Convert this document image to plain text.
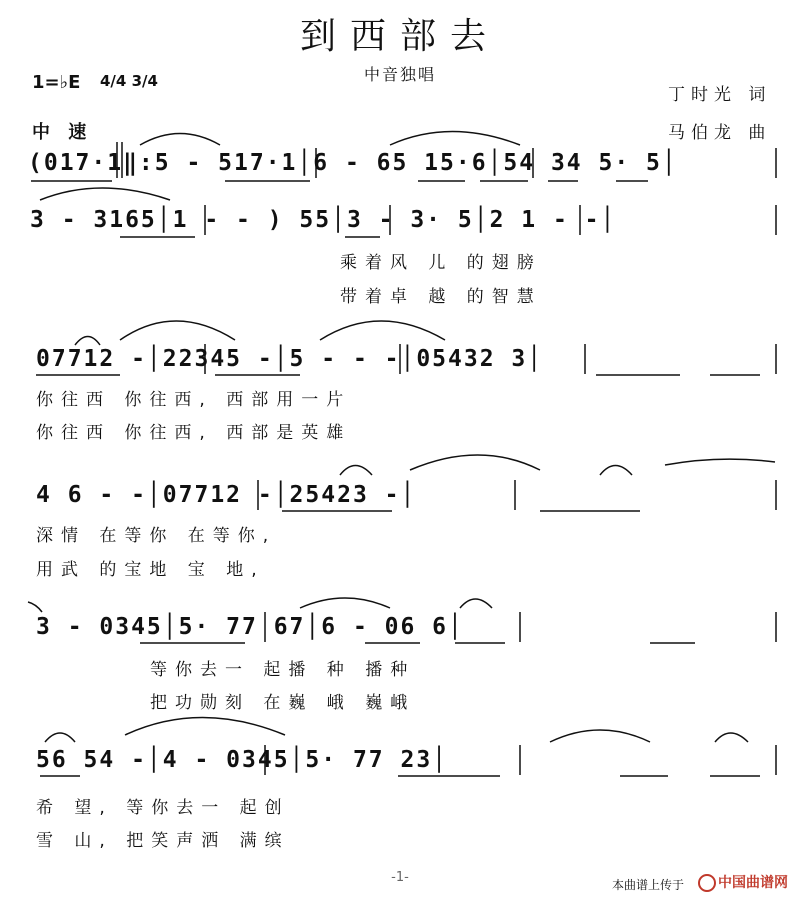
到西部去
中音独唱
1=♭E 4/4 3/4
中 速
丁时光 词
马伯龙 曲
(017·1‖:5 - 517·1│6 - 65 15·6│54 34 5· 5│
3 - 3165│1 - - ) 55│3 - 3· 5│2 1 - -│
乘着风 儿 的翅膀
带着卓 越 的智慧
07712 -│22345 -│5 - - -│05432 3│
你往西 你往西, 西部用一片
你往西 你往西, 西部是英雄
4 6 - -│07712 -│25423 -│
深情 在等你 在等你,
用武 的宝地 宝 地,
3 - 0345│5· 77 67│6 - 06 6│
等你去一 起播 种 播种
把功勋刻 在巍 峨 巍峨
56 54 -│4 - 0345│5· 77 23│
希 望, 等你去一 起创
雪 山, 把笑声洒 满缤
-1-	本曲谱上传于	中国曲谱网
